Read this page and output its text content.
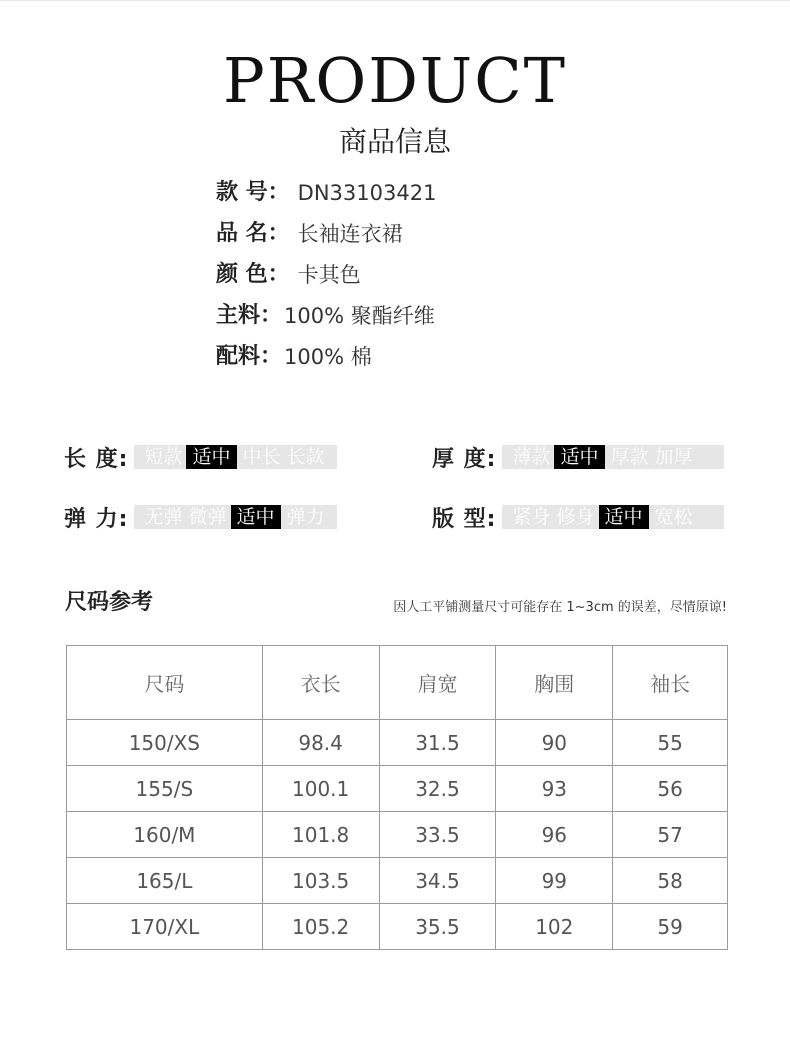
PRODUCT
商品信息
款 号： DN33103421
品 名： 长袖连衣裙
颜 色： 卡其色
主料： 100% 聚酯纤维
配料： 100% 棉
长 度: 短款 适中 中长 长款	厚 度: 薄款 适中 厚款 加厚
弹 力: 无弹 微弹 适中 弹力	版 型: 紧身 修身 适中 宽松
尺码参考	因人工平铺测量尺寸可能存在 1~3cm 的误差，尽情原谅!
尺码	衣长	肩宽	胸围	袖长
150/XS	98.4	31.5	90	55
155/S	100.1	32.5	93	56
160/M	101.8	33.5	96	57
165/L	103.5	34.5	99	58
170/XL	105.2	35.5	102	59
